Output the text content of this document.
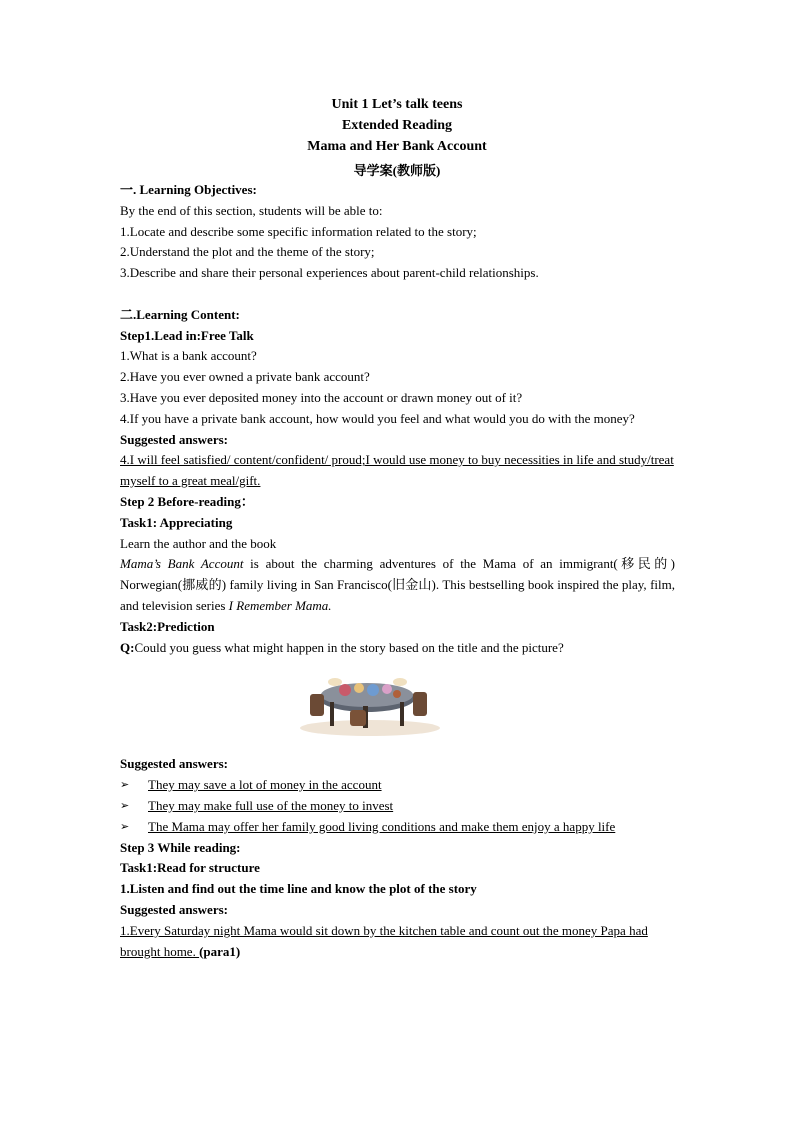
Unit 1 Let’s talk teens
Extended Reading
Mama and Her Bank Account
导学案(教师版)
一. Learning Objectives:
By the end of this section, students will be able to:
1.Locate and describe some specific information related to the story;
2.Understand the plot and the theme of the story;
3.Describe and share their personal experiences about parent-child relationships.
二.Learning Content:
Step1.Lead in:Free Talk
1.What is a bank account?
2.Have you ever owned a private bank account?
3.Have you ever deposited money into the account or drawn money out of it?
4.If you have a private bank account, how would you feel and what would you do with the money?
Suggested answers:
4.I will feel satisfied/ content/confident/ proud;I would use money to buy necessities in life and study/treat myself to a great meal/gift.
Step 2 Before-reading：
Task1: Appreciating
Learn the author and the book
Mama’s Bank Account is about the charming adventures of the Mama of an immigrant(移民的) Norwegian(挪威的) family living in San Francisco(旧金山). This bestselling book inspired the play, film, and television series I Remember Mama.
Task2:Prediction
Q:Could you guess what might happen in the story based on the title and the picture?
Suggested answers:
➢ They may save a lot of money in the account
➢ They may make full use of the money to invest
➢ The Mama may offer her family good living conditions and make them enjoy a happy life
Step 3 While reading:
Task1:Read for structure
1.Listen and find out the time line and know the plot of the story
Suggested answers:
1.Every Saturday night Mama would sit down by the kitchen table and count out the money Papa had brought home. (para1)
